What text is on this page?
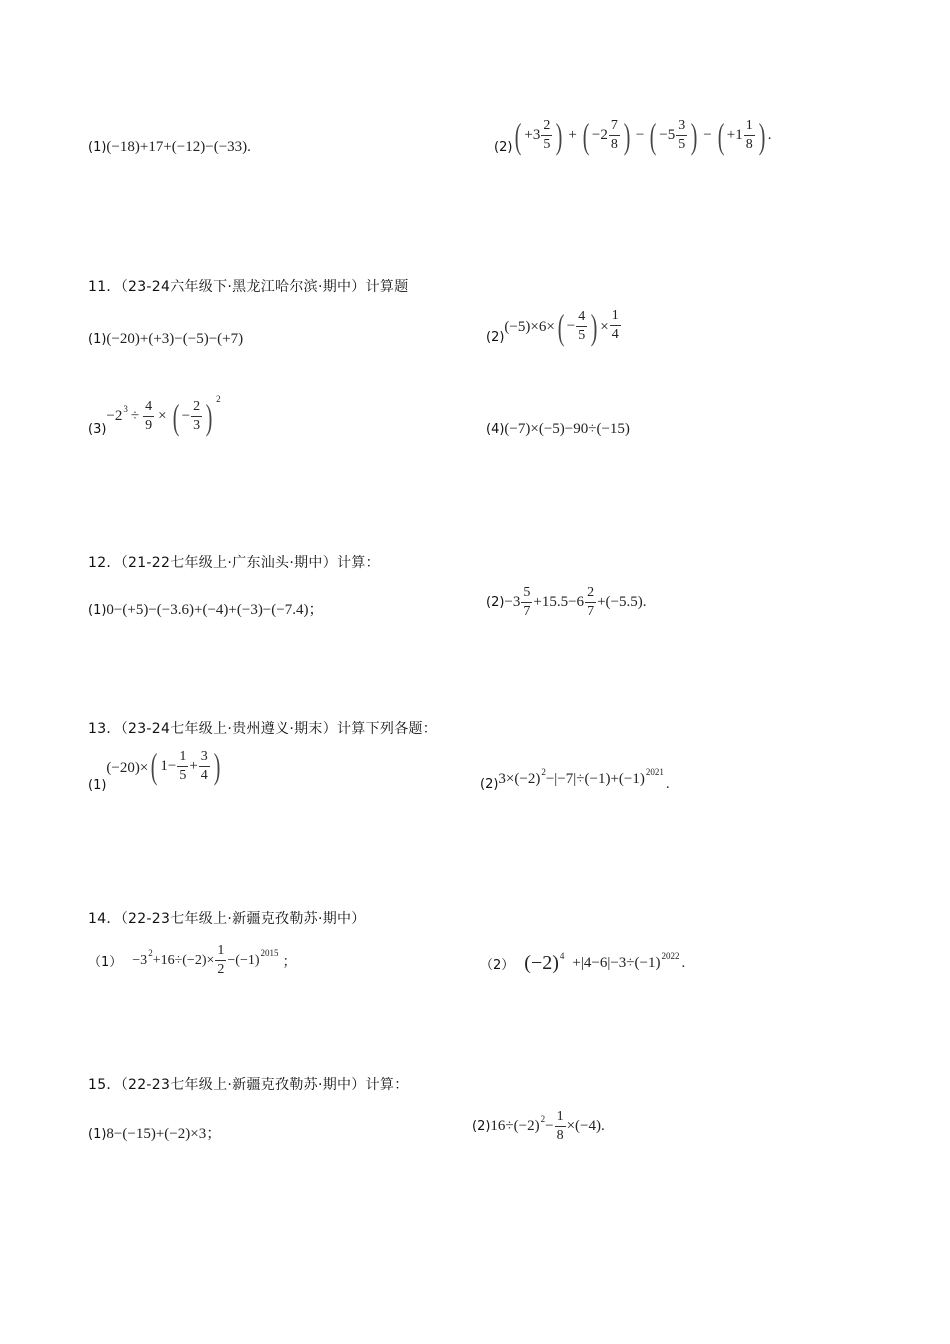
(1)(−18)+17+(−12)−(−33).	(2) ( $+3 \frac{2}{5}$ ) + ( $-2 \frac{7}{8}$ ) − ( $-5 \frac{3}{5}$ ) − ( $+1 \frac{1}{8}$ ) .
11．（23-24六年级下·黑龙江哈尔滨·期中）计算题
(1)(−20)+(+3)−(−5)−(+7)	(2)
(−5)×6× ( − $\frac{4}{5}$ ) × $\frac{1}{4}$
(3)
−2 $3 \div \frac{4}{9}$ × ( − $\frac{2}{3}$ ) 2
(4)(−7)×(−5)−90÷(−15)
12．（21-22七年级上·广东汕头·期中）计算：
(1)0−(+5)−(−3.6)+(−4)+(−3)−(−7.4)；	$(2) -3 \frac{5}{7} +15.5-6 \frac{2}{7} +(-5.5)$.
13．（23-24七年级上·贵州遵义·期末）计算下列各题：
(1)
(−20)× ( $1- \frac{1}{5} + \frac{3}{4}$ )	(2) 3×(−2) 2 −|−7|÷(−1)+(−1) 2021
.
14．（22-23七年级上·新疆克孜勒苏·期中）
（1） −3 $2 +16\div(-2)\times \frac{1}{2} -(-1)$ 2015
；	（2） (−2) 4 +|4−6|−3÷(−1) 2022 .
15．（22-23七年级上·新疆克孜勒苏·期中）计算：
(1)8−(−15)+(−2)×3；	(2) 16÷(−2) $2 - \frac{1}{8} \times(-4)$.
